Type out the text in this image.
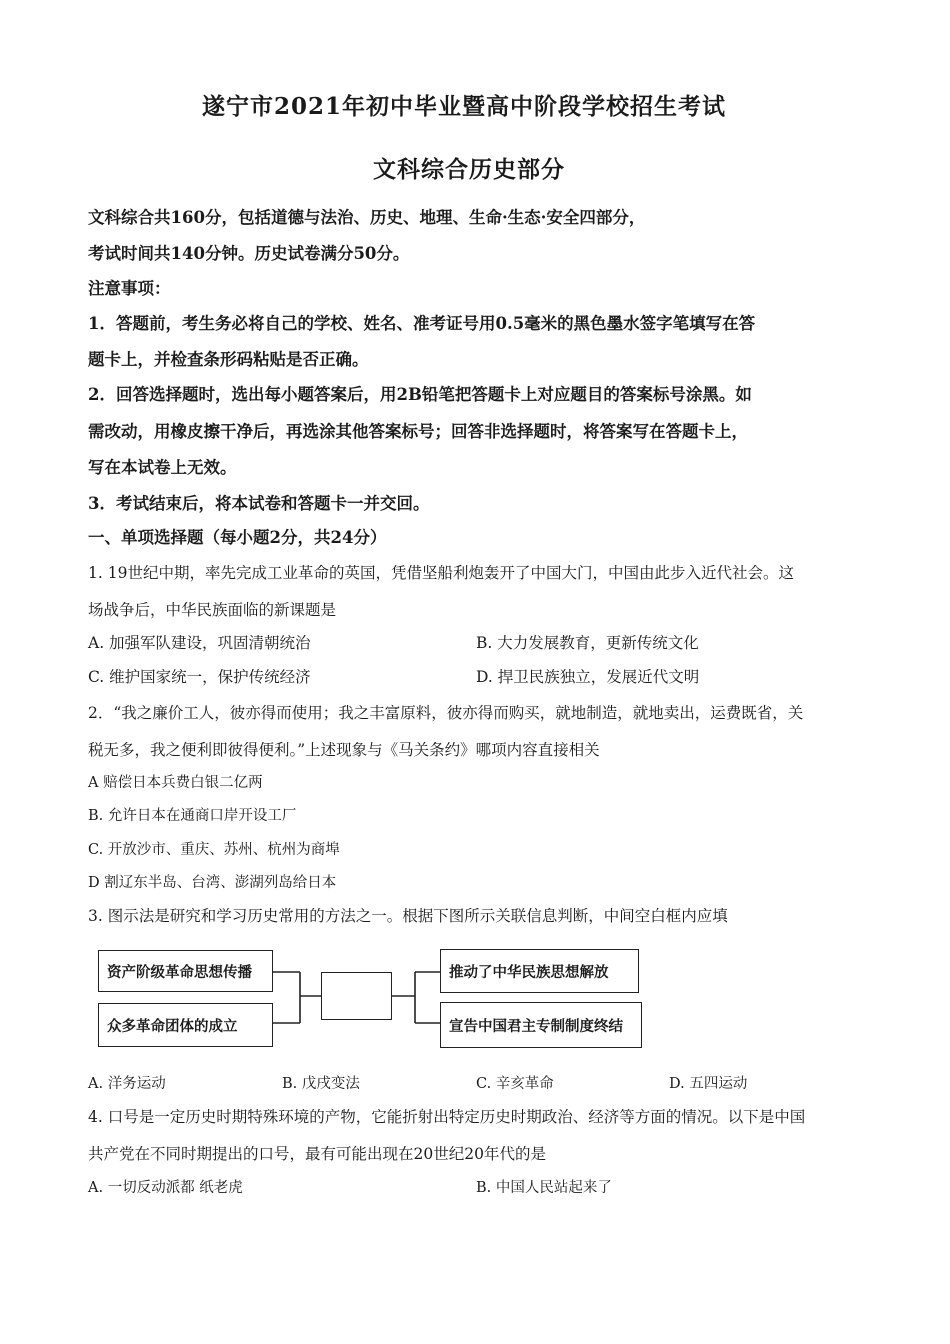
遂宁市2021年初中毕业暨高中阶段学校招生考试
文科综合历史部分
文科综合共160分，包括道德与法治、历史、地理、生命·生态·安全四部分，
考试时间共140分钟。历史试卷满分50分。
注意事项：
1．答题前，考生务必将自己的学校、姓名、准考证号用0.5毫米的黑色墨水签字笔填写在答
题卡上，并检查条形码粘贴是否正确。
2．回答选择题时，选出每小题答案后，用2B铅笔把答题卡上对应题目的答案标号涂黑。如
需改动，用橡皮擦干净后，再选涂其他答案标号；回答非选择题时，将答案写在答题卡上，
写在本试卷上无效。
3．考试结束后，将本试卷和答题卡一并交回。
一、单项选择题（每小题2分，共24分）
1. 19世纪中期，率先完成工业革命的英国，凭借坚船利炮轰开了中国大门，中国由此步入近代社会。这
场战争后，中华民族面临的新课题是
A. 加强军队建设，巩固清朝统治	B. 大力发展教育，更新传统文化
C. 维护国家统一，保护传统经济	D. 捍卫民族独立，发展近代文明
2．“我之廉价工人，彼亦得而使用；我之丰富原料，彼亦得而购买，就地制造，就地卖出，运费既省，关
税无多，我之便利即彼得便利。”上述现象与《马关条约》哪项内容直接相关
A 赔偿日本兵费白银二亿两
B. 允许日本在通商口岸开设工厂
C. 开放沙市、重庆、苏州、杭州为商埠
D 割辽东半岛、台湾、澎湖列岛给日本
3. 图示法是研究和学习历史常用的方法之一。根据下图所示关联信息判断，中间空白框内应填
资产阶级革命思想传播
众多革命团体的成立
推动了中华民族思想解放
宣告中国君主专制制度终结
A. 洋务运动	B. 戊戌变法	C. 辛亥革命	D. 五四运动
4. 口号是一定历史时期特殊环境的产物，它能折射出特定历史时期政治、经济等方面的情况。以下是中国
共产党在不同时期提出的口号，最有可能出现在20世纪20年代的是
A. 一切反动派都 纸老虎	B. 中国人民站起来了
